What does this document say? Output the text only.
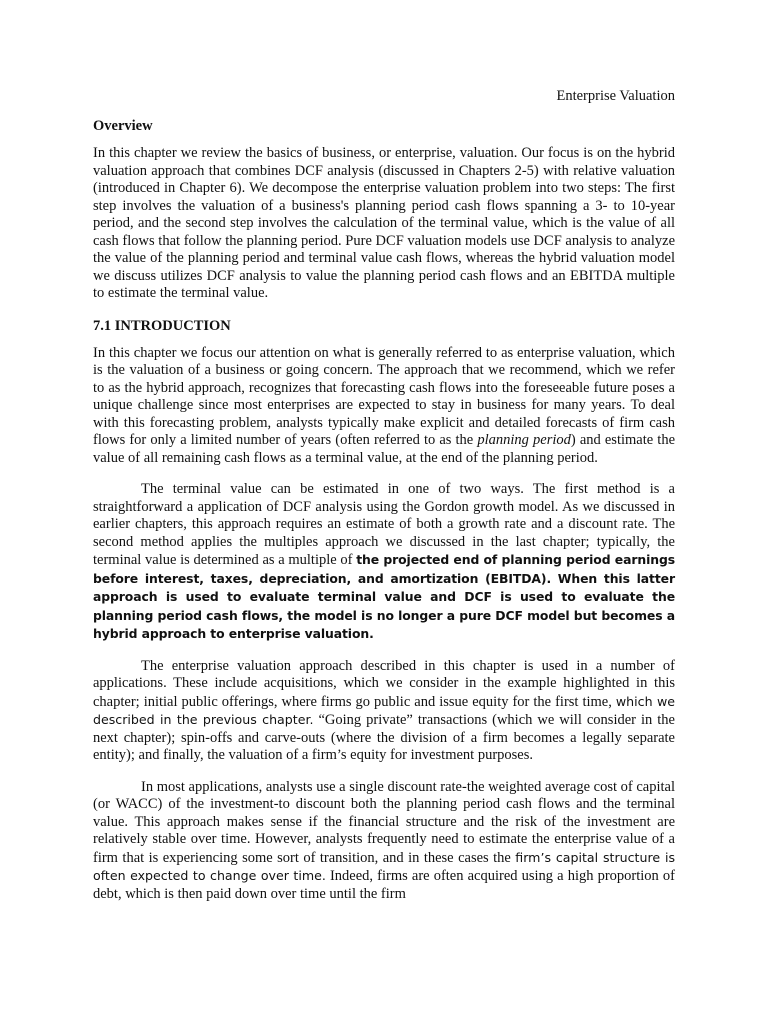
Enterprise Valuation
Overview

In this chapter we review the basics of business, or enterprise, valuation. Our focus is on the hybrid valuation approach that combines DCF analysis (discussed in Chapters 2-5) with relative valuation (introduced in Chapter 6). We decompose the enterprise valuation problem into two steps: The first step involves the valuation of a business's planning period cash flows spanning a 3- to 10-year period, and the second step involves the calculation of the terminal value, which is the value of all cash flows that follow the planning period. Pure DCF valuation models use DCF analysis to analyze the value of the planning period and terminal value cash flows, whereas the hybrid valuation model we discuss utilizes DCF analysis to value the planning period cash flows and an EBITDA multiple to estimate the terminal value.

7.1 INTRODUCTION

In this chapter we focus our attention on what is generally referred to as enterprise valuation, which is the valuation of a business or going concern. The approach that we recommend, which we refer to as the hybrid approach, recognizes that forecasting cash flows into the foreseeable future poses a unique challenge since most enterprises are expected to stay in business for many years. To deal with this forecasting problem, analysts typically make explicit and detailed forecasts of firm cash flows for only a limited number of years (often referred to as the planning period) and estimate the value of all remaining cash flows as a terminal value, at the end of the planning period.

The terminal value can be estimated in one of two ways. The first method is a straightforward a application of DCF analysis using the Gordon growth model. As we discussed in earlier chapters, this approach requires an estimate of both a growth rate and a discount rate. The second method applies the multiples approach we discussed in the last chapter; typically, the terminal value is determined as a multiple of the projected end of planning period earnings before interest, taxes, depreciation, and amortization (EBITDA). When this latter approach is used to evaluate terminal value and DCF is used to evaluate the planning period cash flows, the model is no longer a pure DCF model but becomes a hybrid approach to enterprise valuation.

The enterprise valuation approach described in this chapter is used in a number of applications. These include acquisitions, which we consider in the example highlighted in this chapter; initial public offerings, where firms go public and issue equity for the first time, which we described in the previous chapter. “Going private” transactions (which we will consider in the next chapter); spin-offs and carve-outs (where the division of a firm becomes a legally separate entity); and finally, the valuation of a firm’s equity for investment purposes.

In most applications, analysts use a single discount rate-the weighted average cost of capital (or WACC) of the investment-to discount both the planning period cash flows and the terminal value. This approach makes sense if the financial structure and the risk of the investment are relatively stable over time. However, analysts frequently need to estimate the enterprise value of a firm that is experiencing some sort of transition, and in these cases the firm’s capital structure is often expected to change over time. Indeed, firms are often acquired using a high proportion of debt, which is then paid down over time until the firm
